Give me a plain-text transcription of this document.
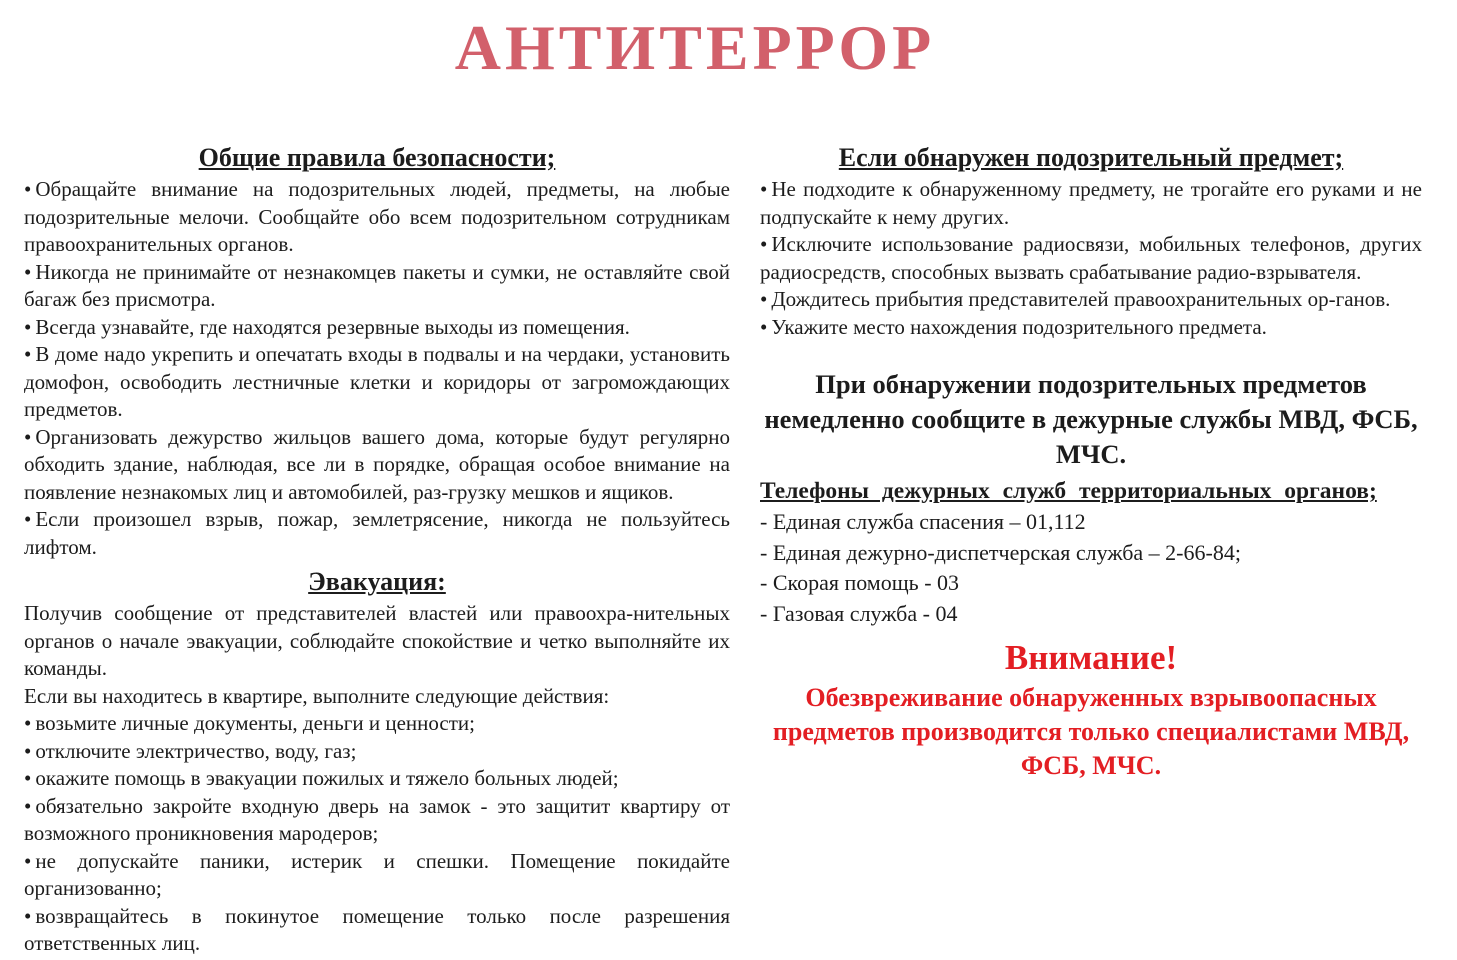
АНТИТЕРРОР
Общие правила безопасности;

• Обращайте внимание на подозрительных людей, предметы, на любые подозрительные мелочи. Сообщайте обо всем подозрительном сотрудникам правоохранительных органов.

• Никогда не принимайте от незнакомцев пакеты и сумки, не оставляйте свой багаж без присмотра.

• Всегда узнавайте, где находятся резервные выходы из помещения.

• В доме надо укрепить и опечатать входы в подвалы и на чердаки, установить домофон, освободить лестничные клетки и коридоры от загромождающих предметов.

• Организовать дежурство жильцов вашего дома, которые будут регулярно обходить здание, наблюдая, все ли в порядке, обращая особое внимание на появление незнакомых лиц и автомобилей, раз-грузку мешков и ящиков.

• Если произошел взрыв, пожар, землетрясение, никогда не пользуйтесь лифтом.

Эвакуация:

Получив сообщение от представителей властей или правоохра-нительных органов о начале эвакуации, соблюдайте спокойствие и четко выполняйте их команды.

Если вы находитесь в квартире, выполните следующие действия:

• возьмите личные документы, деньги и ценности;

• отключите электричество, воду, газ;

• окажите помощь в эвакуации пожилых и тяжело больных людей;

• обязательно закройте входную дверь на замок - это защитит квартиру от возможного проникновения мародеров;

• не допускайте паники, истерик и спешки. Помещение покидайте организованно;

• возвращайтесь в покинутое помещение только после разрешения ответственных лиц.

Если обнаружен подозрительный предмет;

• Не подходите к обнаруженному предмету, не трогайте его руками и не подпускайте к нему других.

• Исключите использование радиосвязи, мобильных телефонов, других радиосредств, способных вызвать срабатывание радио-взрывателя.

• Дождитесь прибытия представителей правоохранительных ор-ганов.

• Укажите место нахождения подозрительного предмета.

При обнаружении подозрительных предметов немедленно сообщите в дежурные службы МВД, ФСБ, МЧС.

Телефоны дежурных служб территориальных органов;

- Единая служба спасения – 01,112

- Единая дежурно-диспетчерская служба – 2-66-84;

- Скорая помощь - 03

- Газовая служба - 04

Внимание!

Обезвреживание обнаруженных взрывоопасных предметов производится только специалистами МВД, ФСБ, МЧС.
